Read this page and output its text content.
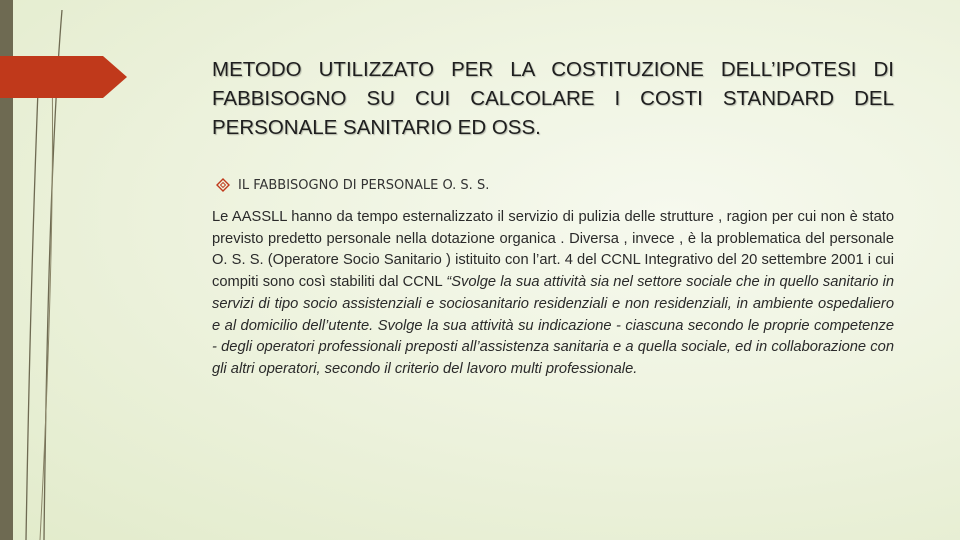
METODO UTILIZZATO PER LA COSTITUZIONE DELL’IPOTESI DI FABBISOGNO SU CUI CALCOLARE I COSTI STANDARD DEL PERSONALE SANITARIO ED OSS.
IL FABBISOGNO DI PERSONALE O. S. S.

Le AASSLL hanno da tempo esternalizzato il servizio di pulizia delle strutture , ragion per cui non è stato previsto predetto personale nella dotazione organica . Diversa , invece , è la problematica del personale O. S. S. (Operatore Socio Sanitario ) istituito con l’art. 4 del CCNL Integrativo del 20 settembre 2001 i cui compiti sono così stabiliti dal CCNL “Svolge la sua attività sia nel settore sociale che in quello sanitario in servizi di tipo socio assistenziali e sociosanitario residenziali e non residenziali, in ambiente ospedaliero e al domicilio dell’utente. Svolge la sua attività su indicazione - ciascuna secondo le proprie competenze - degli operatori professionali preposti all’assistenza sanitaria e a quella sociale, ed in collaborazione con gli altri operatori, secondo il criterio del lavoro multi professionale.
